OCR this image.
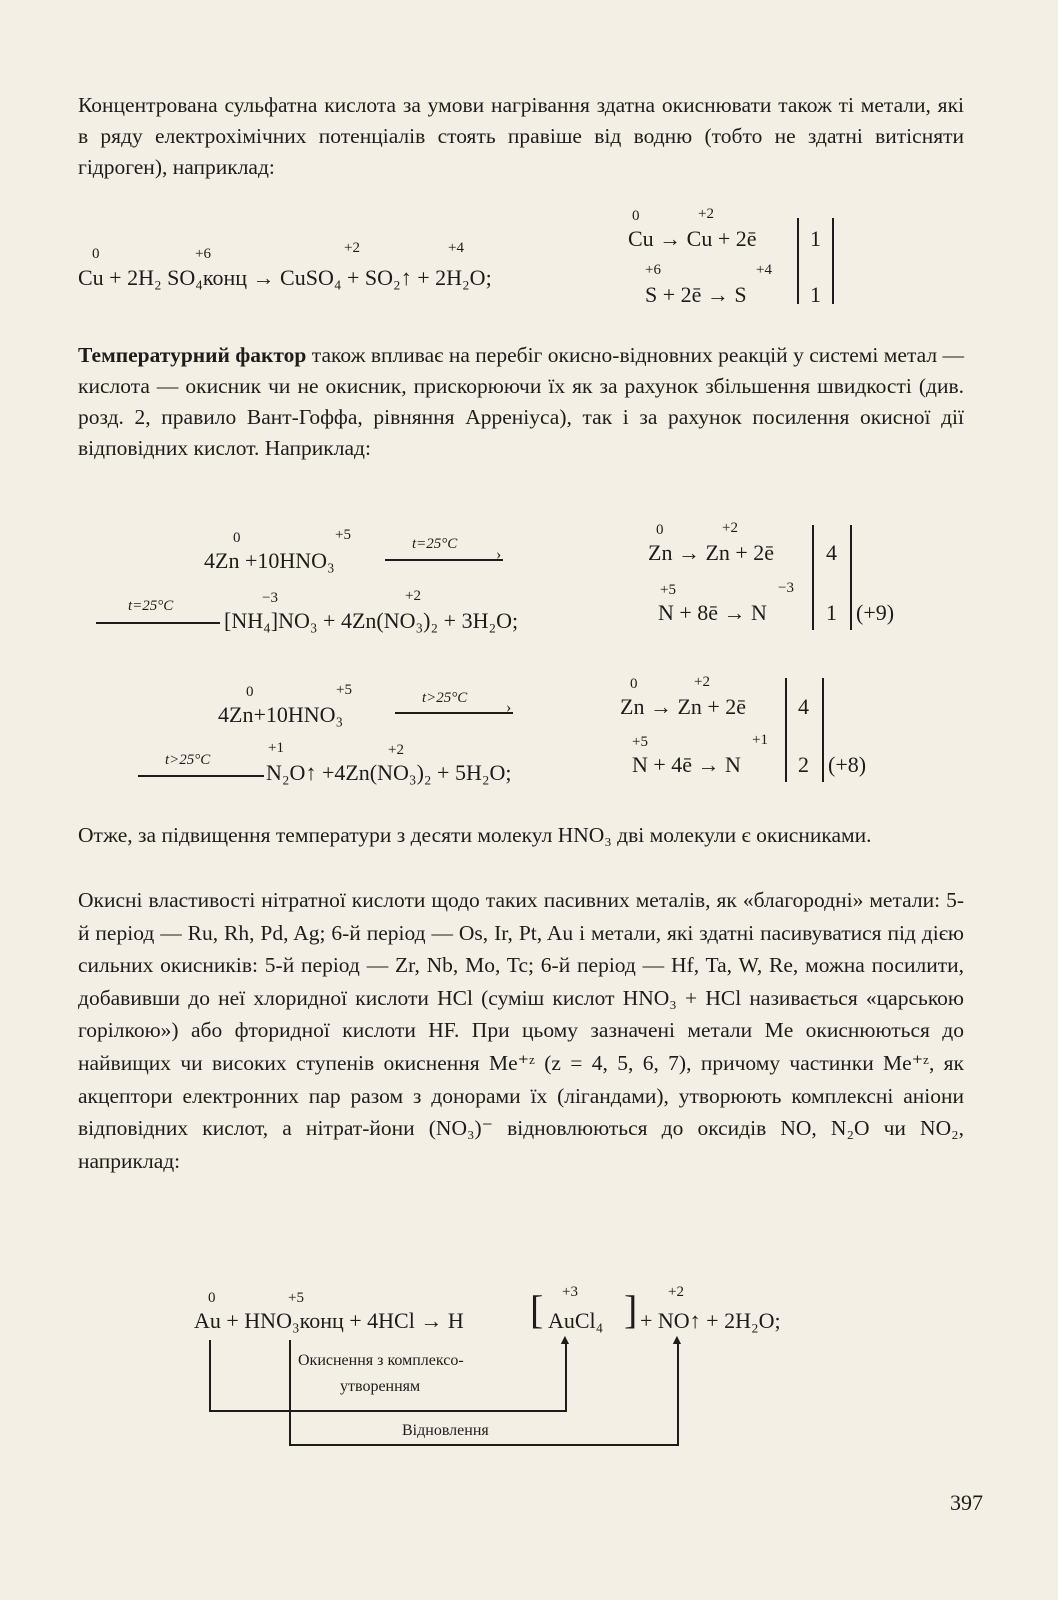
Концентрована сульфатна кислота за умови нагрівання здатна окиснювати також ті метали, які в ряду електрохімічних потенціалів стоять правіше від водню (тобто не здатні витісняти гідроген), наприклад:

0	+6	+2	+4
Cu + 2H₂ SO₄конц → CuSO₄ + SO₂↑ + 2H₂O;
0	+2
Cu → Cu + 2ē 1
+6	+4
S + 2ē → S	1

Температурний фактор також впливає на перебіг окисно-відновних реакцій у системі метал — кислота — окисник чи не окисник, прискорюючи їх як за рахунок збільшення швидкості (див. розд. 2, правило Вант-Гоффа, рівняння Арреніуса), так і за рахунок посилення окисної дії відповідних кислот. Наприклад:

0	+5
4Zn +10HNO₃
t=25°C
›
t=25°C	−3	+2
[NH₄]NO₃ + 4Zn(NO₃)₂ + 3H₂O;
0	+2
Zn → Zn + 2ē 4
+5	−3
N + 8ē → N	1 (+9)
0	+5
4Zn+10HNO₃
t>25°C
›
t>25°C
+1	+2
N₂O↑ +4Zn(NO₃)₂ + 5H₂O;
0	+2
Zn → Zn + 2ē 4
+5	+1
N + 4ē → N	2 (+8)

Отже, за підвищення температури з десяти молекул HNO₃ дві молекули є окисниками.

Окисні властивості нітратної кислоти щодо таких пасивних металів, як «благородні» метали: 5-й період — Ru, Rh, Pd, Ag; 6-й період — Os, Ir, Pt, Au і метали, які здатні пасивуватися під дією сильних окисників: 5-й період — Zr, Nb, Mo, Tc; 6-й період — Hf, Ta, W, Re, можна посилити, добавивши до неї хлоридної кислоти HCl (суміш кислот HNO₃ + HCl називається «царською горілкою») або фторидної кислоти HF. При цьому зазначені метали Me окиснюються до найвищих чи високих ступенів окиснення Me⁺ᶻ (z = 4, 5, 6, 7), причому частинки Me⁺ᶻ, як акцептори електронних пар разом з донорами їх (лігандами), утворюють комплексні аніони відповідних кислот, а нітрат-йони (NO₃)⁻ відновлюються до оксидів NO, N₂O чи NO₂, наприклад:

0	+5	+3	+2
Au + HNO₃конц + 4HCl → H [ AuCl₄ ] + NO↑ + 2H₂O;
▲
Окиснення з комплексо-
утворенням
▲
Відновлення
397
